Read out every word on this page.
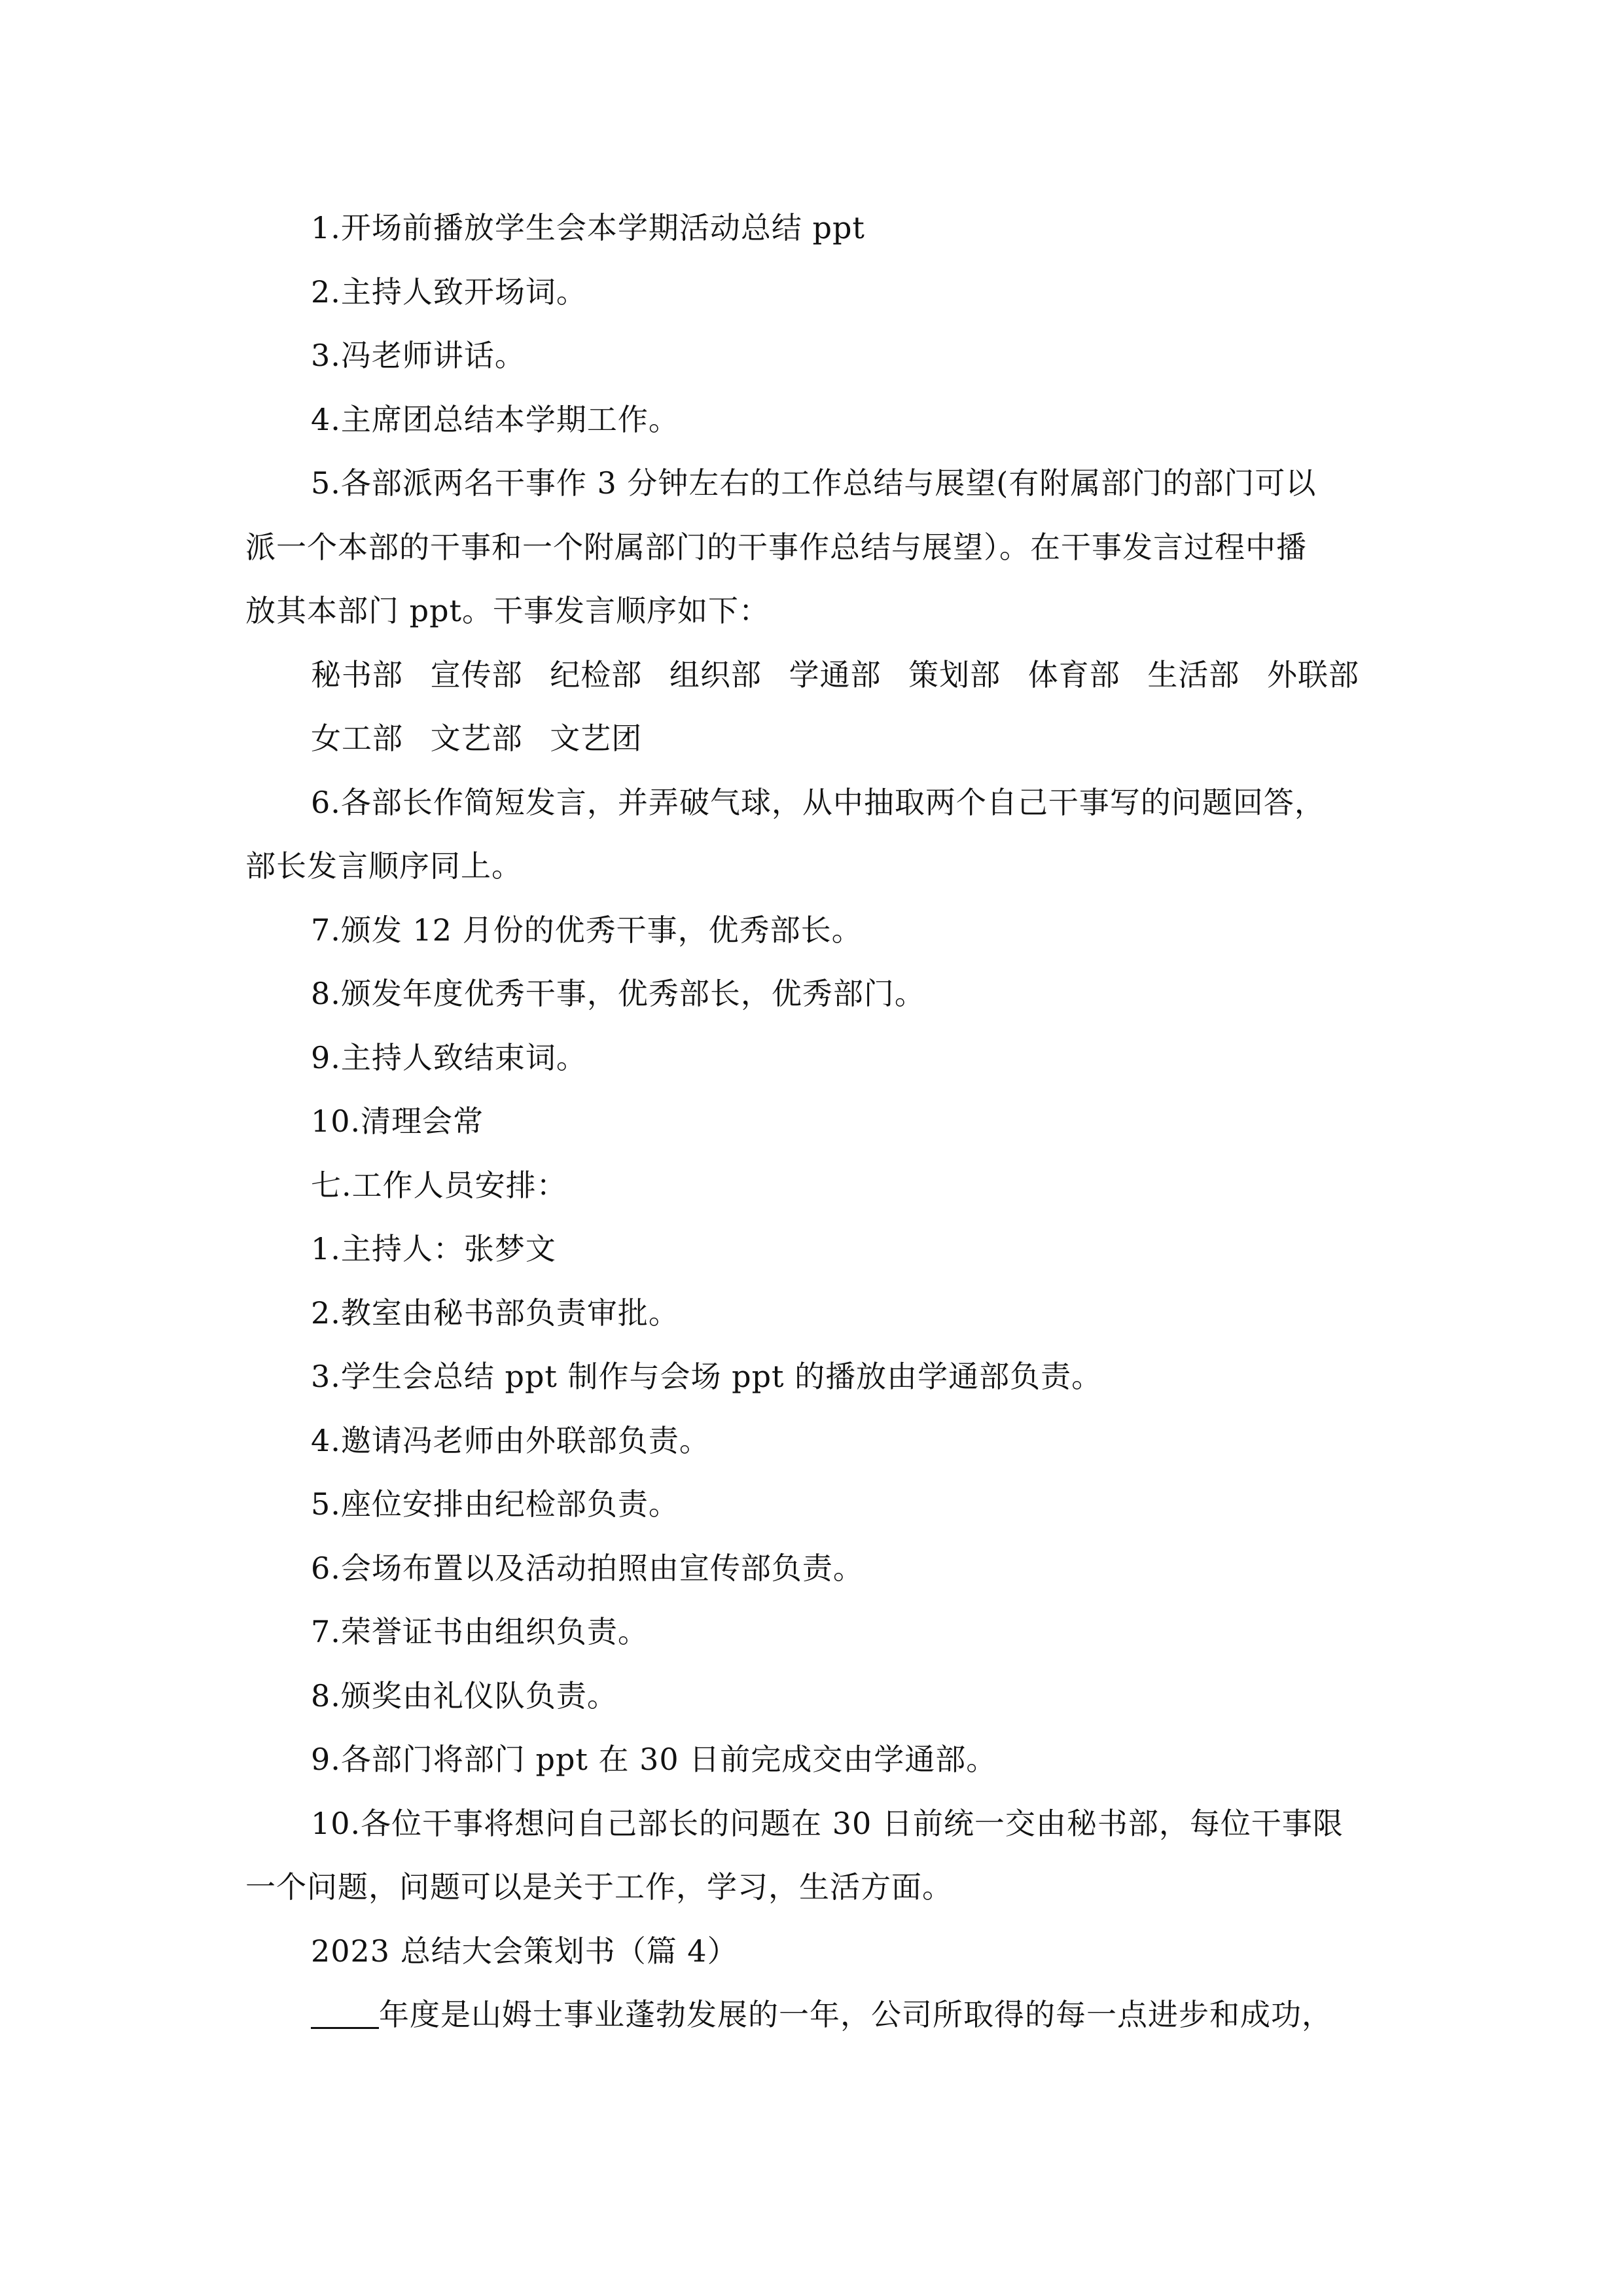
1.开场前播放学生会本学期活动总结 ppt
2.主持人致开场词。
3.冯老师讲话。
4.主席团总结本学期工作。
5.各部派两名干事作 3 分钟左右的工作总结与展望(有附属部门的部门可以
派一个本部的干事和一个附属部门的干事作总结与展望）。在干事发言过程中播
放其本部门 ppt。干事发言顺序如下：
秘书部 宣传部 纪检部 组织部 学通部 策划部 体育部 生活部 外联部
女工部 文艺部 文艺团
6.各部长作简短发言，并弄破气球，从中抽取两个自己干事写的问题回答，
部长发言顺序同上。
7.颁发 12 月份的优秀干事，优秀部长。
8.颁发年度优秀干事，优秀部长，优秀部门。
9.主持人致结束词。
10.清理会常
七.工作人员安排：
1.主持人：张梦文
2.教室由秘书部负责审批。
3.学生会总结 ppt 制作与会场 ppt 的播放由学通部负责。
4.邀请冯老师由外联部负责。
5.座位安排由纪检部负责。
6.会场布置以及活动拍照由宣传部负责。
7.荣誉证书由组织负责。
8.颁奖由礼仪队负责。
9.各部门将部门 ppt 在 30 日前完成交由学通部。
10.各位干事将想问自己部长的问题在 30 日前统一交由秘书部，每位干事限
一个问题，问题可以是关于工作，学习，生活方面。
2023 总结大会策划书（篇 4）
年度是山姆士事业蓬勃发展的一年，公司所取得的每一点进步和成功，
